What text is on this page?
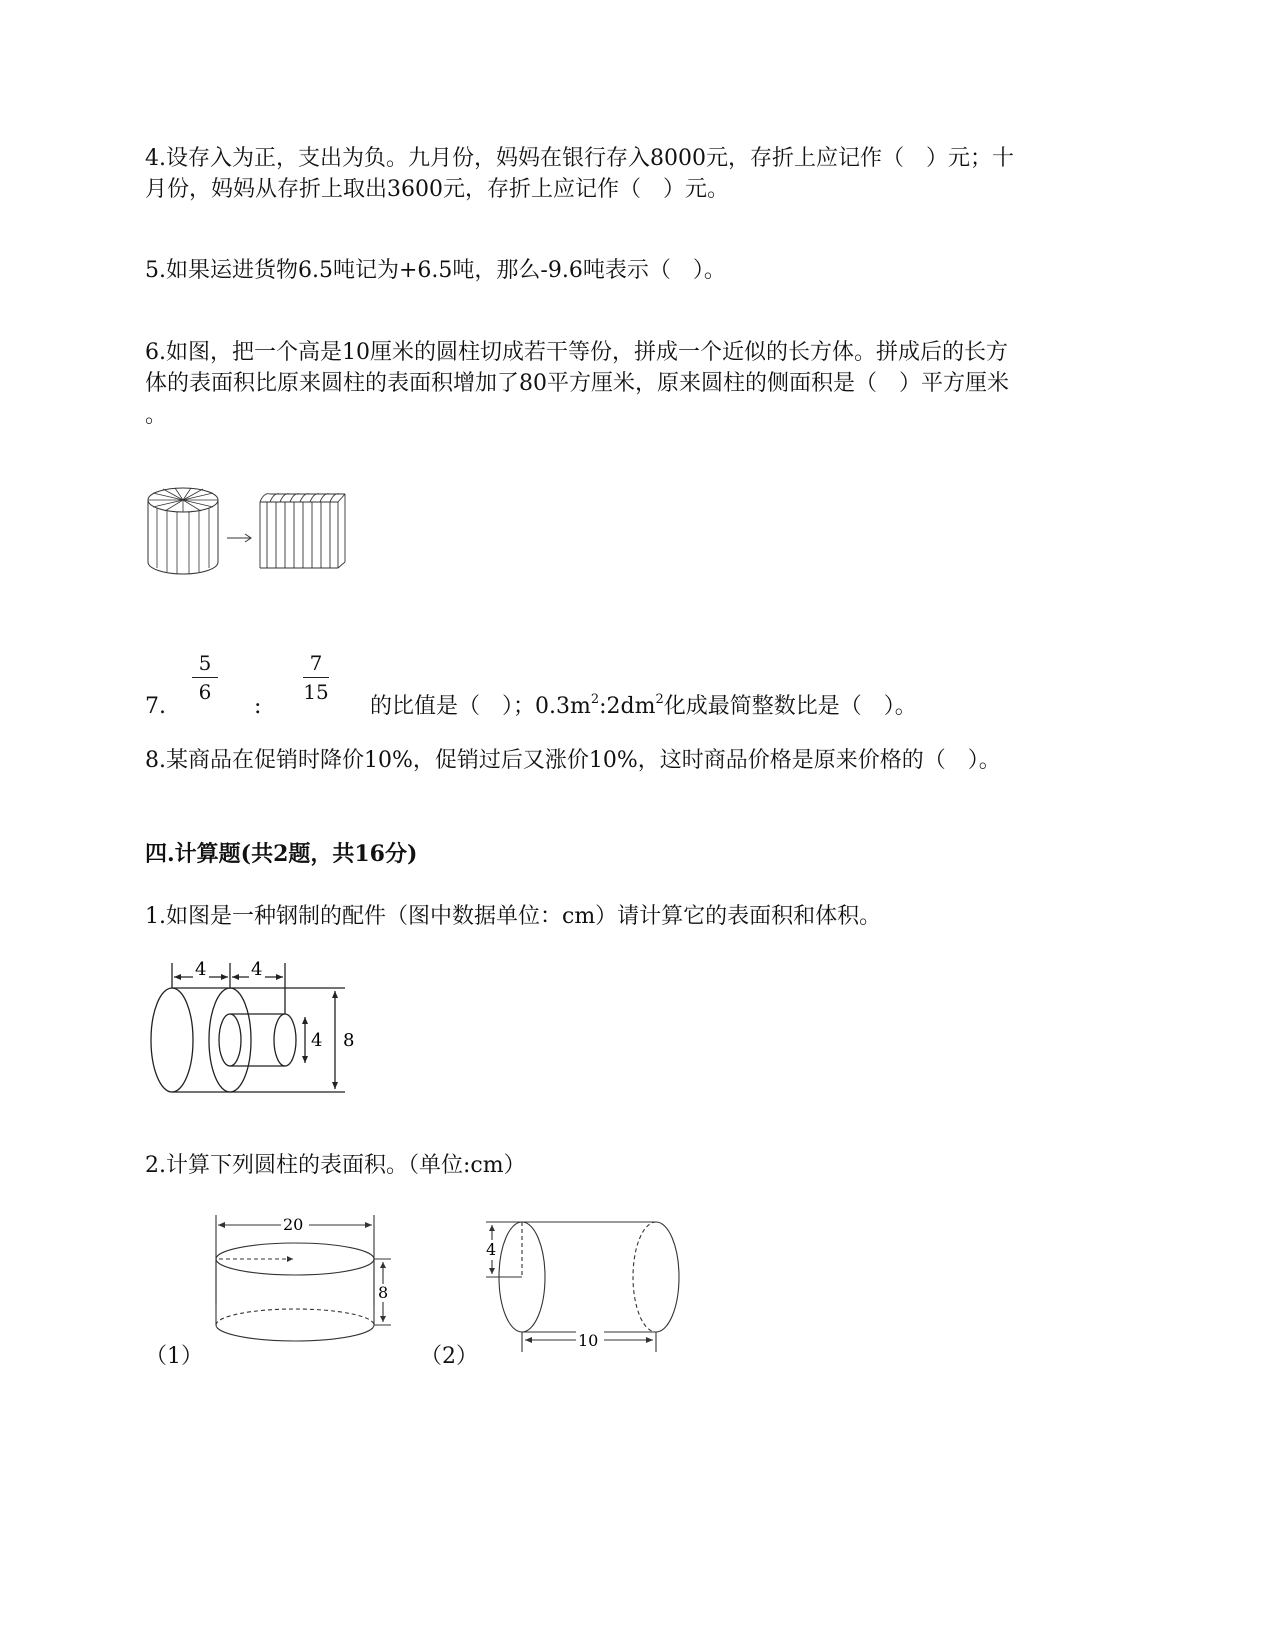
4.设存入为正，支出为负。九月份，妈妈在银行存入8000元，存折上应记作（　）元；十
月份，妈妈从存折上取出3600元，存折上应记作（　）元。
5.如果运进货物6.5吨记为+6.5吨，那么-9.6吨表示（　）。
6.如图，把一个高是10厘米的圆柱切成若干等份，拼成一个近似的长方体。拼成后的长方
体的表面积比原来圆柱的表面积增加了80平方厘米，原来圆柱的侧面积是（　）平方厘米
。
5
6
7
15
7.	:	的比值是（　）；$0.3m^2:2dm^2$化成最简整数比是（　）。
8.某商品在促销时降价10%，促销过后又涨价10%，这时商品价格是原来价格的（　）。
四.计算题(共2题，共16分)
1.如图是一种钢制的配件（图中数据单位：cm）请计算它的表面积和体积。
4 4
4 8
2.计算下列圆柱的表面积。（单位:cm）
20
8
（1）
4
10
（2）
